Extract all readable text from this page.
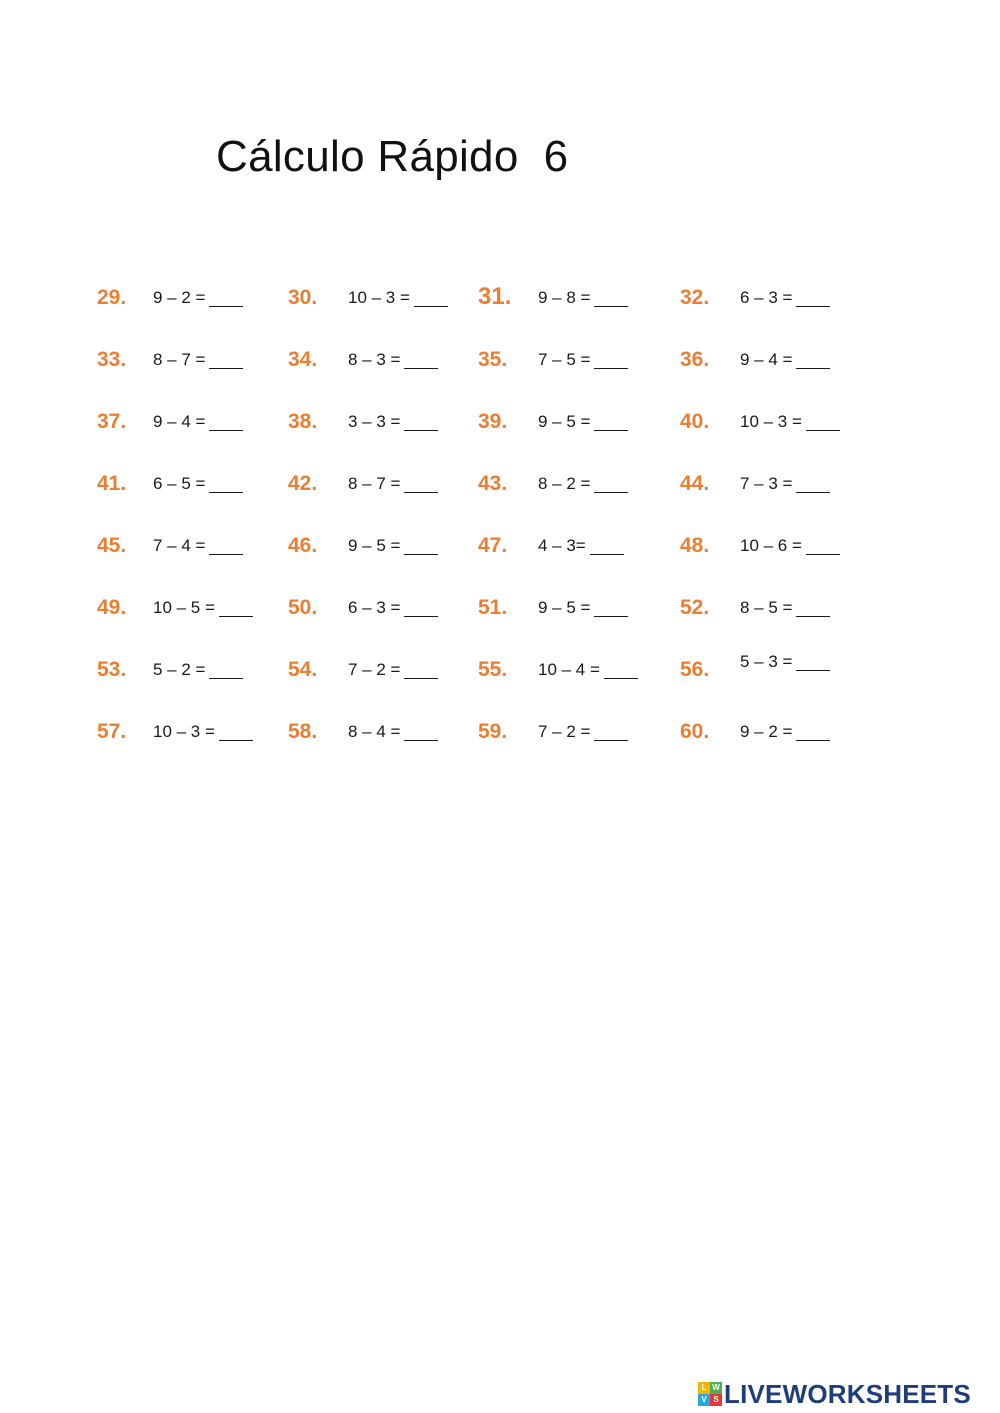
Cálculo Rápido  6
29. 9 – 2 =	30. 10 – 3 =	31. 9 – 8 =	32. 6 – 3 =
33. 8 – 7 =	34. 8 – 3 =	35. 7 – 5 =	36. 9 – 4 =
37. 9 – 4 =	38. 3 – 3 =	39. 9 – 5 =	40. 10 – 3 =
41. 6 – 5 =	42. 8 – 7 =	43. 8 – 2 =	44. 7 – 3 =
45. 7 – 4 =	46. 9 – 5 =	47. 4 – 3=	48. 10 – 6 =
49. 10 – 5 =	50. 6 – 3 =	51. 9 – 5 =	52. 8 – 5 =
53. 5 – 2 =	54. 7 – 2 =	55. 10 – 4 =	56. 5 – 3 =
57. 10 – 3 =	58. 8 – 4 =	59. 7 – 2 =	60. 9 – 2 =
L W
V S LIVEWORKSHEETS
